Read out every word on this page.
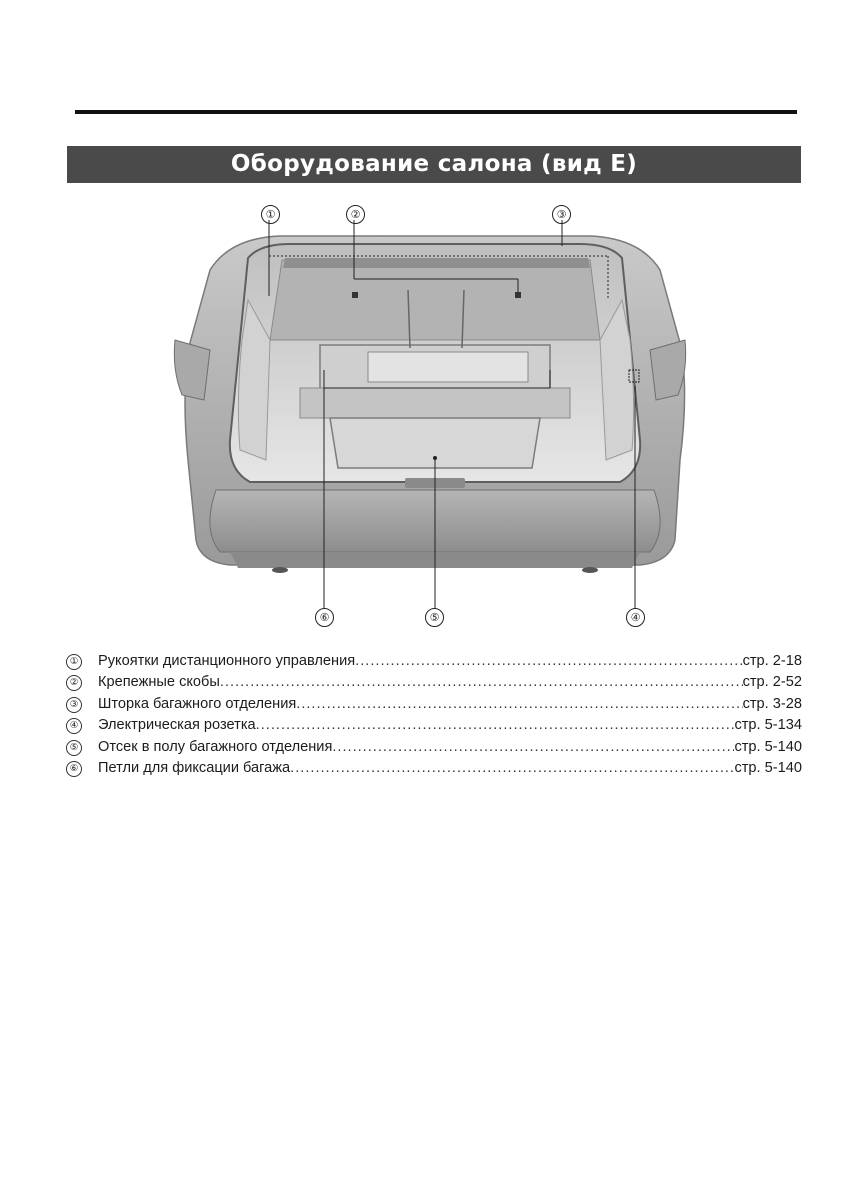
Оборудование салона (вид E)
①	②	③
④
⑤
⑥
① Рукоятки дистанционного управления .....	стр. 2-18
② Крепежные скобы .....	стр. 2-52
③ Шторка багажного отделения .....	стр. 3-28
④ Электрическая розетка .....	стр. 5-134
⑤ Отсек в полу багажного отделения .....	стр. 5-140
⑥ Петли для фиксации багажа .....	стр. 5-140
